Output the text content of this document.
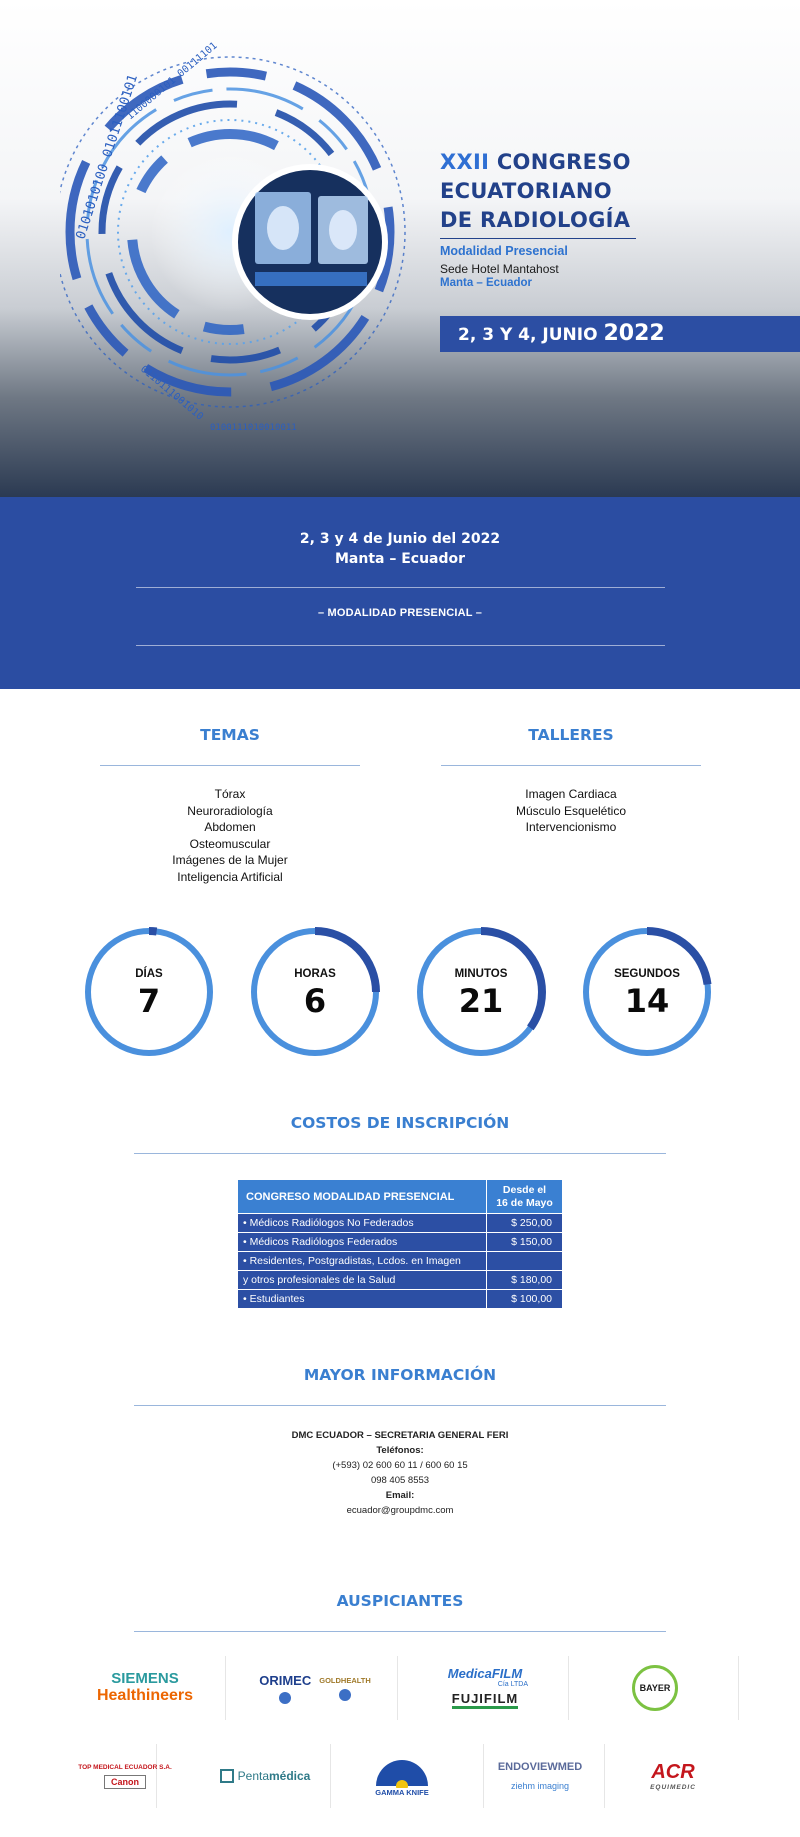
0101010100 01011100101
1100000101 00111101
0110111001010
0100111010010011
XXII CONGRESO
ECUATORIANO
DE RADIOLOGÍA
Modalidad Presencial
Sede Hotel Mantahost
Manta – Ecuador
2, 3 Y 4, JUNIO 2022
2, 3 y 4 de Junio del 2022
Manta – Ecuador
– MODALIDAD PRESENCIAL –
TEMAS
Tórax
Neuroradiología
Abdomen
Osteomuscular
Imágenes de la Mujer
Inteligencia Artificial
TALLERES
Imagen Cardiaca
Músculo Esquelético
Intervencionismo
DÍAS
7
HORAS
6
MINUTOS
21
SEGUNDOS
14
COSTOS DE INSCRIPCIÓN
CONGRESO MODALIDAD PRESENCIAL	Desde el
16 de Mayo
• Médicos Radiólogos No Federados	$ 250,00
• Médicos Radiólogos Federados	$ 150,00
• Residentes, Postgradistas, Lcdos. en Imagen	
y otros profesionales de la Salud	$ 180,00
• Estudiantes	$ 100,00
MAYOR INFORMACIÓN
DMC ECUADOR – SECRETARIA GENERAL FERI
Teléfonos:
(+593) 02 600 60 11 / 600 60 15
098 405 8553
Email:
ecuador@groupdmc.com
AUSPICIANTES
SIEMENS
Healthineers
ORIMEC GOLDHEALTH	MedicaFILM
Cía LTDA
FUJIFILM
BAYER
TOP MEDICAL ECUADOR S.A.
Canon	Penta médica
GAMMA KNIFE
ENDOVIEWMED
ziehm imaging
ACR
EQUIMEDIC
